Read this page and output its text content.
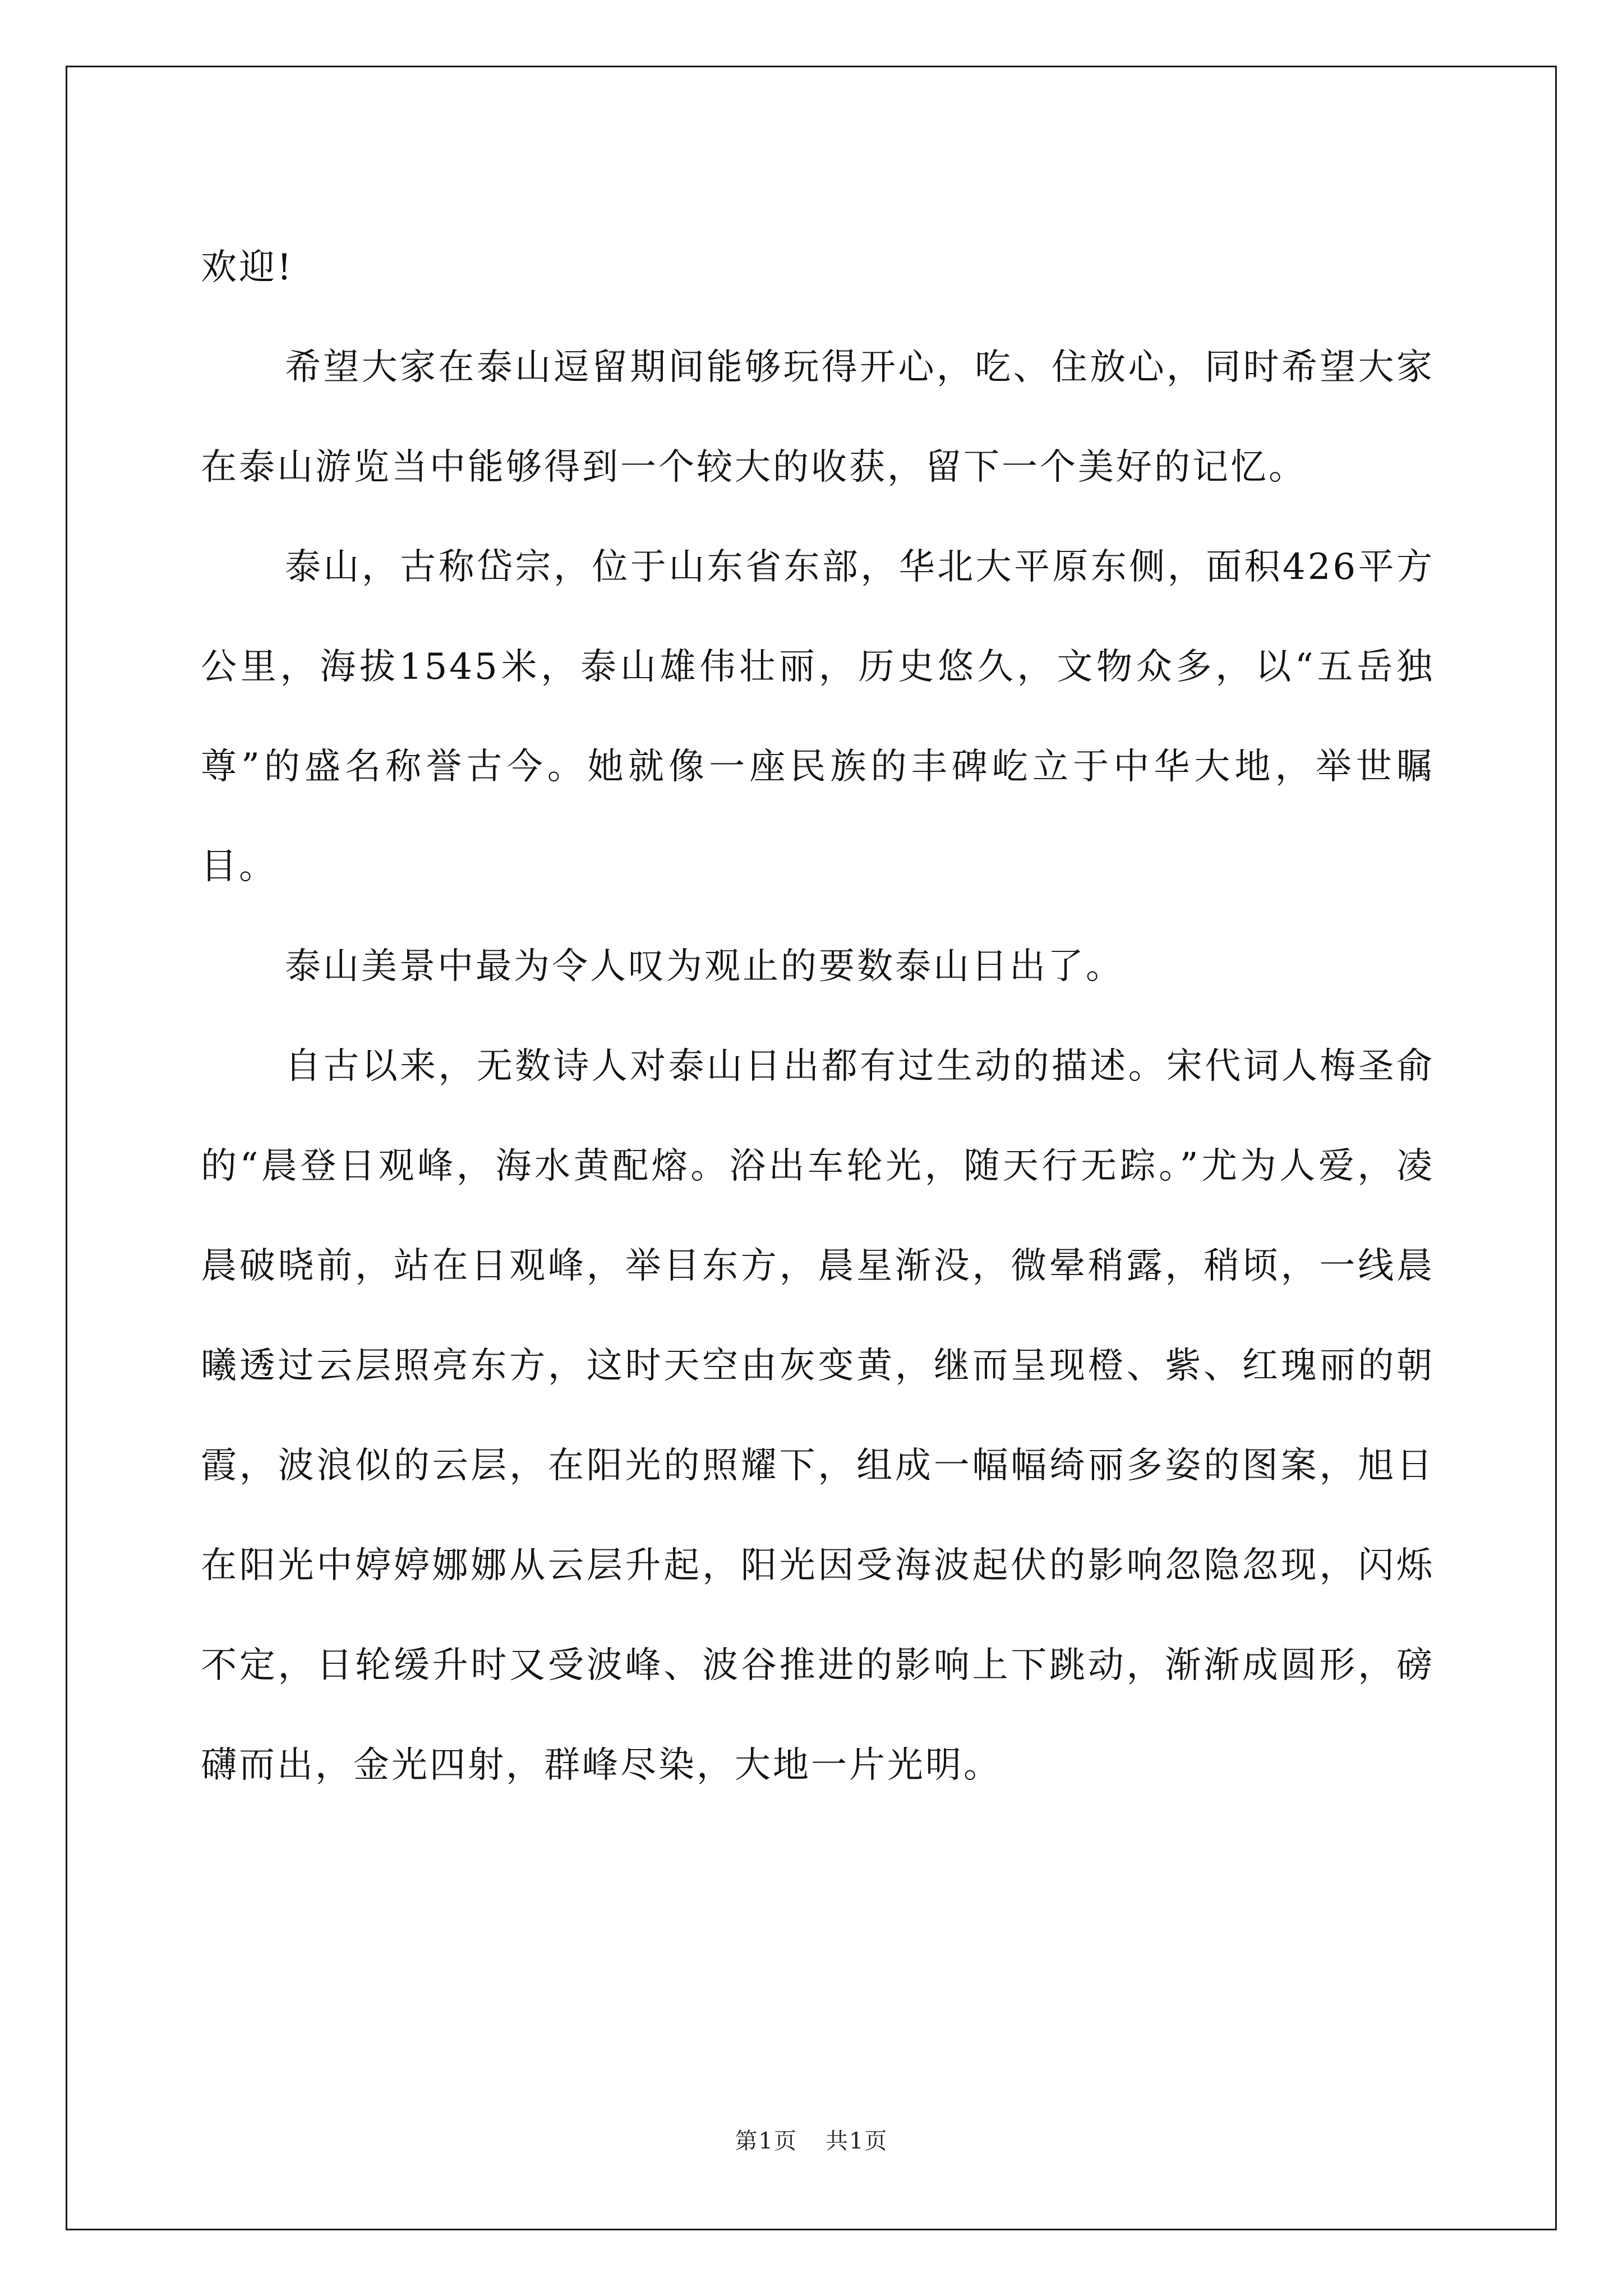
欢迎!

希望大家在泰山逗留期间能够玩得开心，吃、住放心，同时希望大家在泰山游览当中能够得到一个较大的收获，留下一个美好的记忆。

泰山，古称岱宗，位于山东省东部，华北大平原东侧，面积426平方公里，海拔1545米，泰山雄伟壮丽，历史悠久，文物众多，以“五岳独尊”的盛名称誉古今。她就像一座民族的丰碑屹立于中华大地，举世瞩目。

泰山美景中最为令人叹为观止的要数泰山日出了。

自古以来，无数诗人对泰山日出都有过生动的描述。宋代词人梅圣俞的“晨登日观峰，海水黄配熔。浴出车轮光，随天行无踪。”尤为人爱，凌晨破晓前，站在日观峰，举目东方，晨星渐没，微晕稍露，稍顷，一线晨曦透过云层照亮东方，这时天空由灰变黄，继而呈现橙、紫、红瑰丽的朝霞，波浪似的云层，在阳光的照耀下，组成一幅幅绮丽多姿的图案，旭日在阳光中婷婷娜娜从云层升起，阳光因受海波起伏的影响忽隐忽现，闪烁不定，日轮缓升时又受波峰、波谷推进的影响上下跳动，渐渐成圆形，磅礴而出，金光四射，群峰尽染，大地一片光明。

第1页 共1页
